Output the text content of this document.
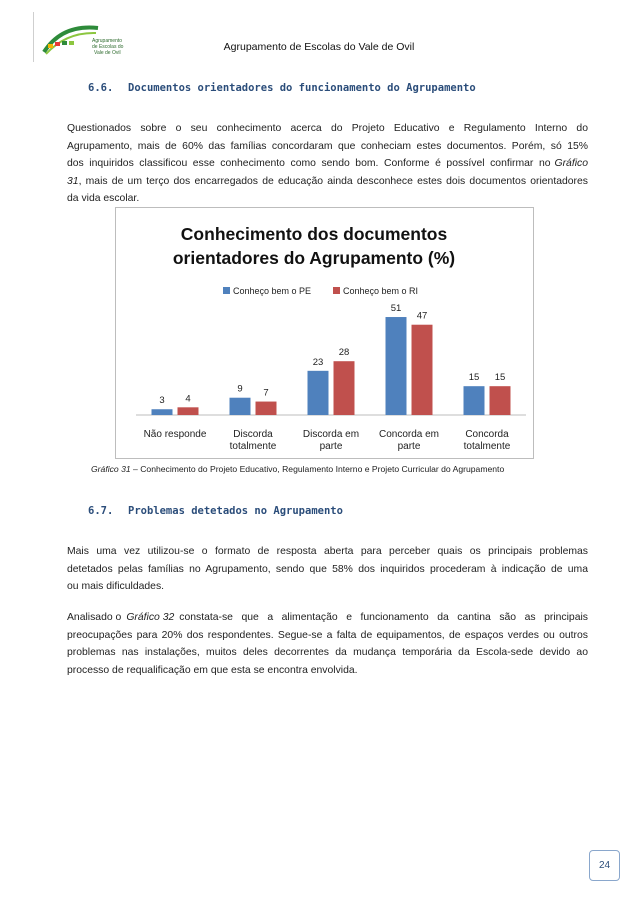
Agrupamento
de Escolas do
Vale de Ovil	Agrupamento de Escolas do Vale de Ovil
6.6. Documentos orientadores do funcionamento do Agrupamento
Questionados sobre o seu conhecimento acerca do Projeto Educativo e Regulamento Interno do
Agrupamento, mais de 60% das famílias concordaram que conheciam estes documentos. Porém, só 15%
dos inquiridos classificou esse conhecimento como sendo bom. Conforme é possível confirmar no Gráfico
31 , mais de um terço dos encarregados de educação ainda desconhece estes dois documentos orientadores
da vida escolar.
Conhecimento dos documentos
orientadores do Agrupamento (%)
Conheço bem o PE	Conheço bem o RI
3 4
9 7
23
28
51
47
15 15
Não responde	Discorda
totalmente
Discorda em
parte
Concorda em
parte
Concorda
totalmente
Gráfico 31 – Conhecimento do Projeto Educativo, Regulamento Interno e Projeto Curricular do Agrupamento
6.7. Problemas detetados no Agrupamento
Mais uma vez utilizou-se o formato de resposta aberta para perceber quais os principais problemas
detetados pelas famílias no Agrupamento, sendo que 58% dos inquiridos procederam à indicação de uma
ou mais dificuldades.
Analisado o Gráfico 32 constata-se que a alimentação e funcionamento da cantina são as principais
preocupações para 20% dos respondentes. Segue-se a falta de equipamentos, de espaços verdes ou outros
problemas nas instalações, muitos deles decorrentes da mudança temporária da Escola-sede devido ao
processo de requalificação em que esta se encontra envolvida.
24
